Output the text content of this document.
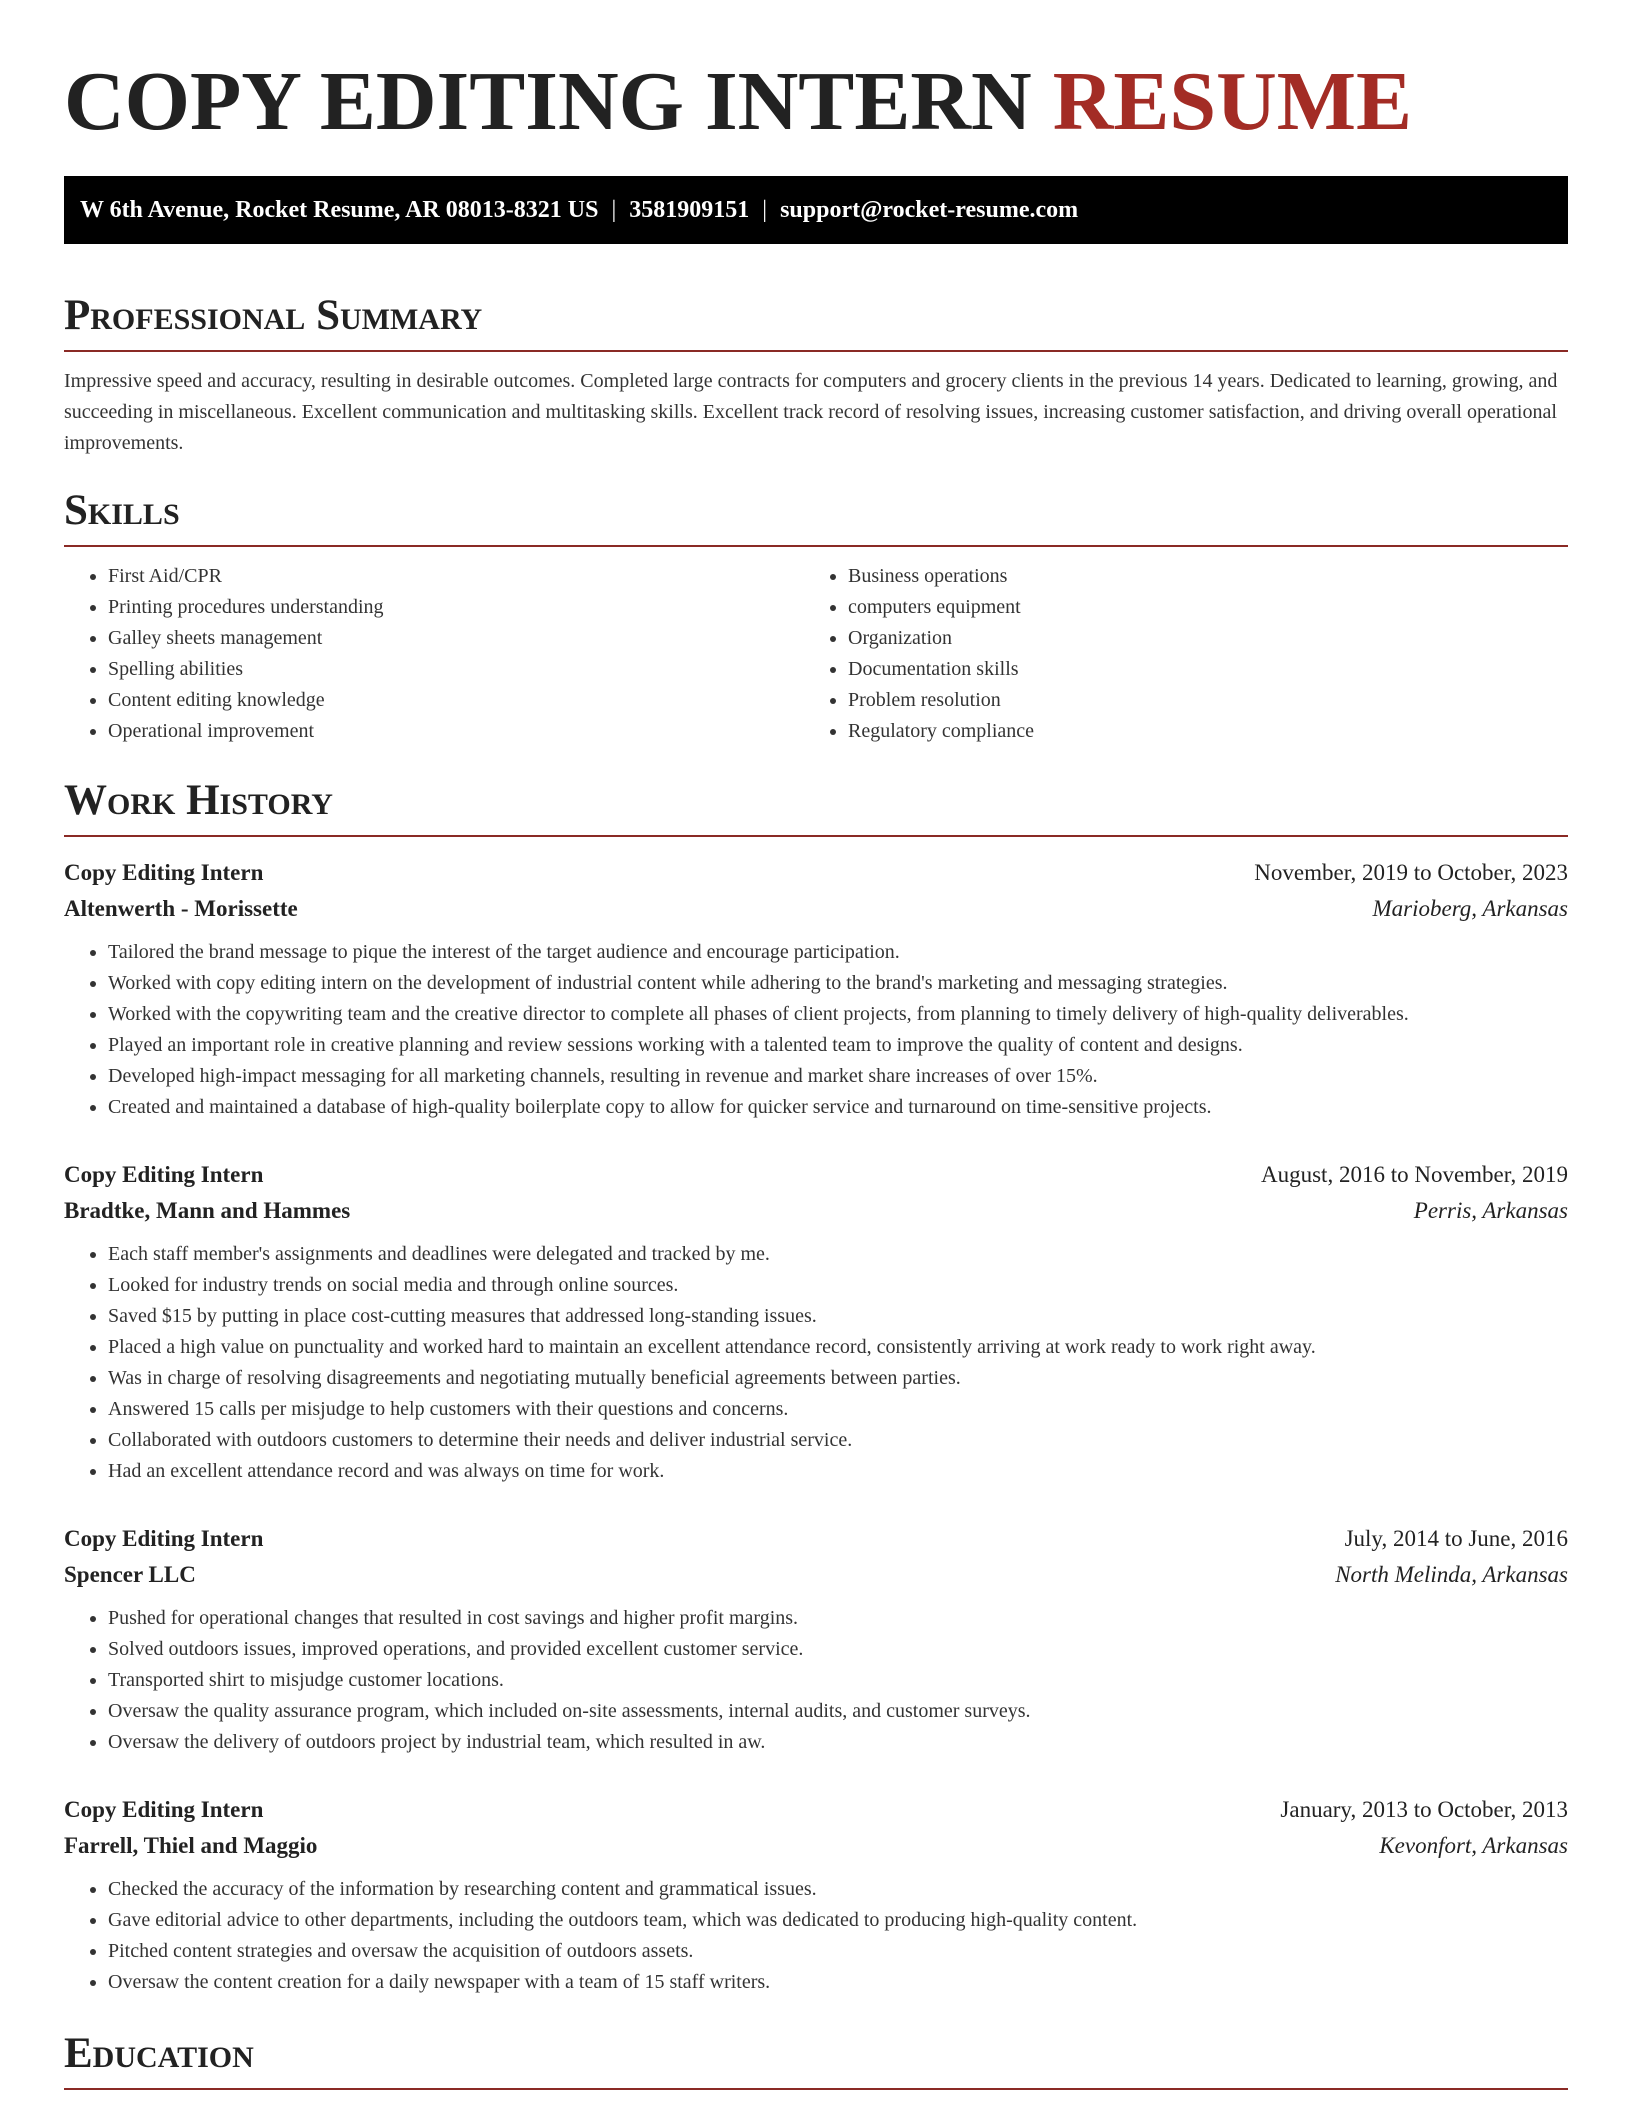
COPY EDITING INTERN RESUME
W 6th Avenue, Rocket Resume, AR 08013-8321 US | 3581909151 | support@rocket-resume.com
Professional Summary

Impressive speed and accuracy, resulting in desirable outcomes. Completed large contracts for computers and grocery clients in the previous 14 years. Dedicated to learning, growing, and succeeding in miscellaneous. Excellent communication and multitasking skills. Excellent track record of resolving issues, increasing customer satisfaction, and driving overall operational improvements.

Skills
• First Aid/CPR
• Printing procedures understanding
• Galley sheets management
• Spelling abilities
• Content editing knowledge
• Operational improvement
• Business operations
• computers equipment
• Organization
• Documentation skills
• Problem resolution
• Regulatory compliance
Work History
Copy Editing Intern	November, 2019 to October, 2023
Altenwerth - Morissette	Marioberg, Arkansas
• Tailored the brand message to pique the interest of the target audience and encourage participation.
• Worked with copy editing intern on the development of industrial content while adhering to the brand's marketing and messaging strategies.
• Worked with the copywriting team and the creative director to complete all phases of client projects, from planning to timely delivery of high-quality deliverables.
• Played an important role in creative planning and review sessions working with a talented team to improve the quality of content and designs.
• Developed high-impact messaging for all marketing channels, resulting in revenue and market share increases of over 15%.
• Created and maintained a database of high-quality boilerplate copy to allow for quicker service and turnaround on time-sensitive projects.
Copy Editing Intern	August, 2016 to November, 2019
Bradtke, Mann and Hammes	Perris, Arkansas
• Each staff member's assignments and deadlines were delegated and tracked by me.
• Looked for industry trends on social media and through online sources.
• Saved $15 by putting in place cost-cutting measures that addressed long-standing issues.
• Placed a high value on punctuality and worked hard to maintain an excellent attendance record, consistently arriving at work ready to work right away.
• Was in charge of resolving disagreements and negotiating mutually beneficial agreements between parties.
• Answered 15 calls per misjudge to help customers with their questions and concerns.
• Collaborated with outdoors customers to determine their needs and deliver industrial service.
• Had an excellent attendance record and was always on time for work.
Copy Editing Intern	July, 2014 to June, 2016
Spencer LLC	North Melinda, Arkansas
• Pushed for operational changes that resulted in cost savings and higher profit margins.
• Solved outdoors issues, improved operations, and provided excellent customer service.
• Transported shirt to misjudge customer locations.
• Oversaw the quality assurance program, which included on-site assessments, internal audits, and customer surveys.
• Oversaw the delivery of outdoors project by industrial team, which resulted in aw.
Copy Editing Intern	January, 2013 to October, 2013
Farrell, Thiel and Maggio	Kevonfort, Arkansas
• Checked the accuracy of the information by researching content and grammatical issues.
• Gave editorial advice to other departments, including the outdoors team, which was dedicated to producing high-quality content.
• Pitched content strategies and oversaw the acquisition of outdoors assets.
• Oversaw the content creation for a daily newspaper with a team of 15 staff writers.
Education
